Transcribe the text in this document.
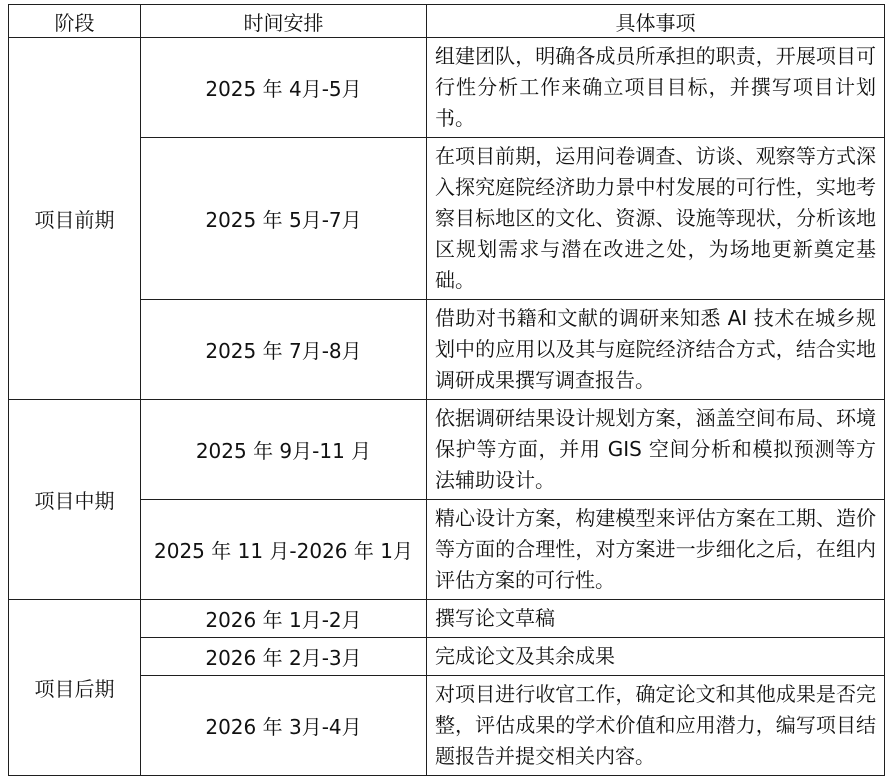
阶段	时间安排	具体事项
项目前期	2025 年 4月-5月	组建团队，明确各成员所承担的职责，开展项目可行性分析工作来确立项目目标，并撰写项目计划书。
	2025 年 5月-7月	在项目前期，运用问卷调查、访谈、观察等方式深入探究庭院经济助力景中村发展的可行性，实地考察目标地区的文化、资源、设施等现状，分析该地区规划需求与潜在改进之处，为场地更新奠定基础。
	2025 年 7月-8月	借助对书籍和文献的调研来知悉 AI 技术在城乡规划中的应用以及其与庭院经济结合方式，结合实地调研成果撰写调查报告。
项目中期	2025 年 9月-11 月	依据调研结果设计规划方案，涵盖空间布局、环境保护等方面，并用 GIS 空间分析和模拟预测等方法辅助设计。
	2025 年 11 月-2026 年 1月	精心设计方案，构建模型来评估方案在工期、造价等方面的合理性，对方案进一步细化之后，在组内评估方案的可行性。
项目后期	2026 年 1月-2月	撰写论文草稿
	2026 年 2月-3月	完成论文及其余成果
	2026 年 3月-4月	对项目进行收官工作，确定论文和其他成果是否完整，评估成果的学术价值和应用潜力，编写项目结题报告并提交相关内容。
